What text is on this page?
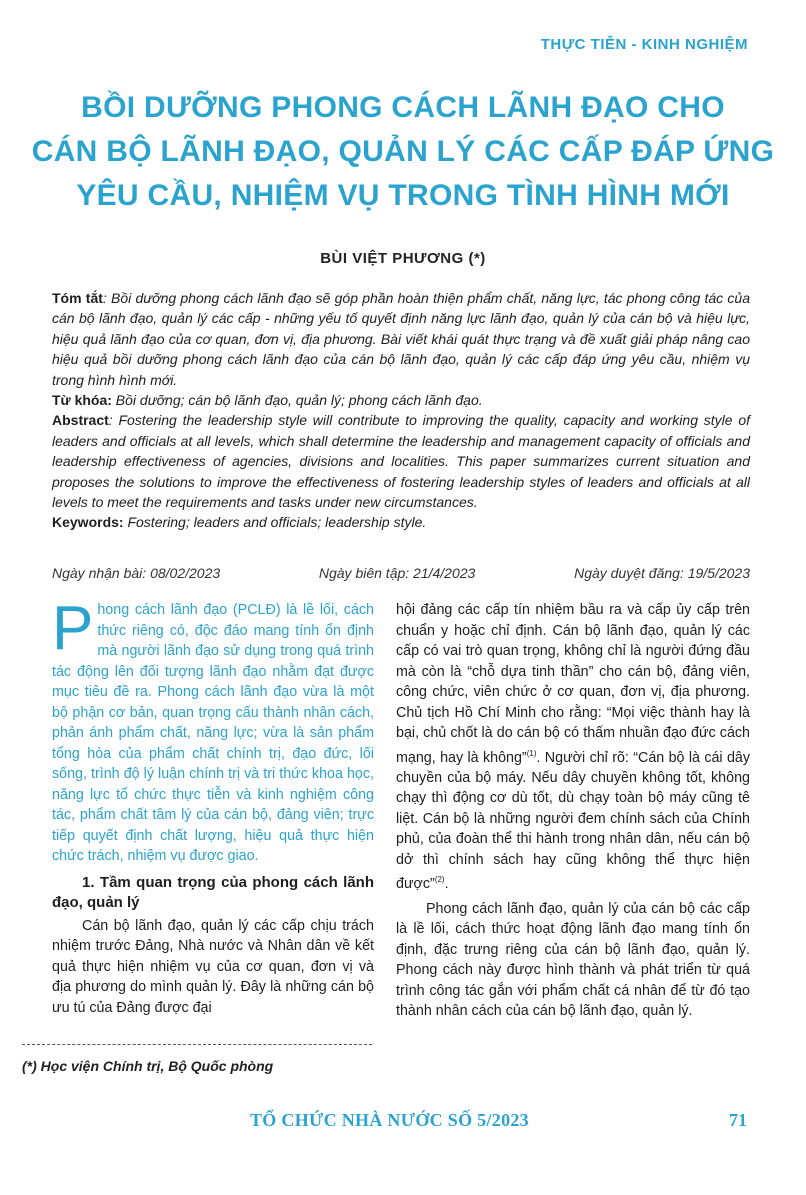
THỰC TIỄN - KINH NGHIỆM
BỒI DƯỠNG PHONG CÁCH LÃNH ĐẠO CHO
CÁN BỘ LÃNH ĐẠO, QUẢN LÝ CÁC CẤP ĐÁP ỨNG
YÊU CẦU, NHIỆM VỤ TRONG TÌNH HÌNH MỚI
BÙI VIỆT PHƯƠNG (*)

Tóm tắt: Bồi dưỡng phong cách lãnh đạo sẽ góp phần hoàn thiện phẩm chất, năng lực, tác phong công tác của cán bộ lãnh đạo, quản lý các cấp - những yếu tố quyết định năng lực lãnh đạo, quản lý của cán bộ và hiệu lực, hiệu quả lãnh đạo của cơ quan, đơn vị, địa phương. Bài viết khái quát thực trạng và đề xuất giải pháp nâng cao hiệu quả bồi dưỡng phong cách lãnh đạo của cán bộ lãnh đạo, quản lý các cấp đáp ứng yêu cầu, nhiệm vụ trong hình hình mới.

Từ khóa: Bồi dưỡng; cán bộ lãnh đạo, quản lý; phong cách lãnh đạo.

Abstract: Fostering the leadership style will contribute to improving the quality, capacity and working style of leaders and officials at all levels, which shall determine the leadership and management capacity of officials and leadership effectiveness of agencies, divisions and localities. This paper summarizes current situation and proposes the solutions to improve the effectiveness of fostering leadership styles of leaders and officials at all levels to meet the requirements and tasks under new circumstances.

Keywords: Fostering; leaders and officials; leadership style.

Ngày nhận bài: 08/02/2023	Ngày biên tập: 21/4/2023	Ngày duyệt đăng: 19/5/2023

Phong cách lãnh đạo (PCLĐ) là lề lối, cách thức riêng có, độc đáo mang tính ổn định mà người lãnh đạo sử dụng trong quá trình tác động lên đối tượng lãnh đạo nhằm đạt được mục tiêu đề ra. Phong cách lãnh đạo vừa là một bộ phận cơ bản, quan trọng cấu thành nhân cách, phản ánh phẩm chất, năng lực; vừa là sản phẩm tổng hòa của phẩm chất chính trị, đạo đức, lối sống, trình độ lý luận chính trị và tri thức khoa học, năng lực tổ chức thực tiễn và kinh nghiệm công tác, phẩm chất tâm lý của cán bộ, đảng viên; trực tiếp quyết định chất lượng, hiệu quả thực hiện chức trách, nhiệm vụ được giao.

1. Tầm quan trọng của phong cách lãnh đạo, quản lý

Cán bộ lãnh đạo, quản lý các cấp chịu trách nhiệm trước Đảng, Nhà nước và Nhân dân về kết quả thực hiện nhiệm vụ của cơ quan, đơn vị và địa phương do mình quản lý. Đây là những cán bộ ưu tú của Đảng được đại

hội đảng các cấp tín nhiệm bầu ra và cấp ủy cấp trên chuẩn y hoặc chỉ định. Cán bộ lãnh đạo, quản lý các cấp có vai trò quan trọng, không chỉ là người đứng đầu mà còn là “chỗ dựa tinh thần” cho cán bộ, đảng viên, công chức, viên chức ở cơ quan, đơn vị, địa phương. Chủ tịch Hồ Chí Minh cho rằng: “Mọi việc thành hay là bại, chủ chốt là do cán bộ có thấm nhuần đạo đức cách mạng, hay là không”$^{(1)}$. Người chỉ rõ: “Cán bộ là cái dây chuyền của bộ máy. Nếu dây chuyền không tốt, không chạy thì động cơ dù tốt, dù chạy toàn bộ máy cũng tê liệt. Cán bộ là những người đem chính sách của Chính phủ, của đoàn thể thi hành trong nhân dân, nếu cán bộ dở thì chính sách hay cũng không thể thực hiện được”$^{(2)}$.

Phong cách lãnh đạo, quản lý của cán bộ các cấp là lề lối, cách thức hoạt động lãnh đạo mang tính ổn định, đặc trưng riêng của cán bộ lãnh đạo, quản lý. Phong cách này được hình thành và phát triển từ quá trình công tác gắn với phẩm chất cá nhân để từ đó tạo thành nhân cách của cán bộ lãnh đạo, quản lý.

(*) Học viện Chính trị, Bộ Quốc phòng
TỔ CHỨC NHÀ NƯỚC SỐ 5/2023	71
